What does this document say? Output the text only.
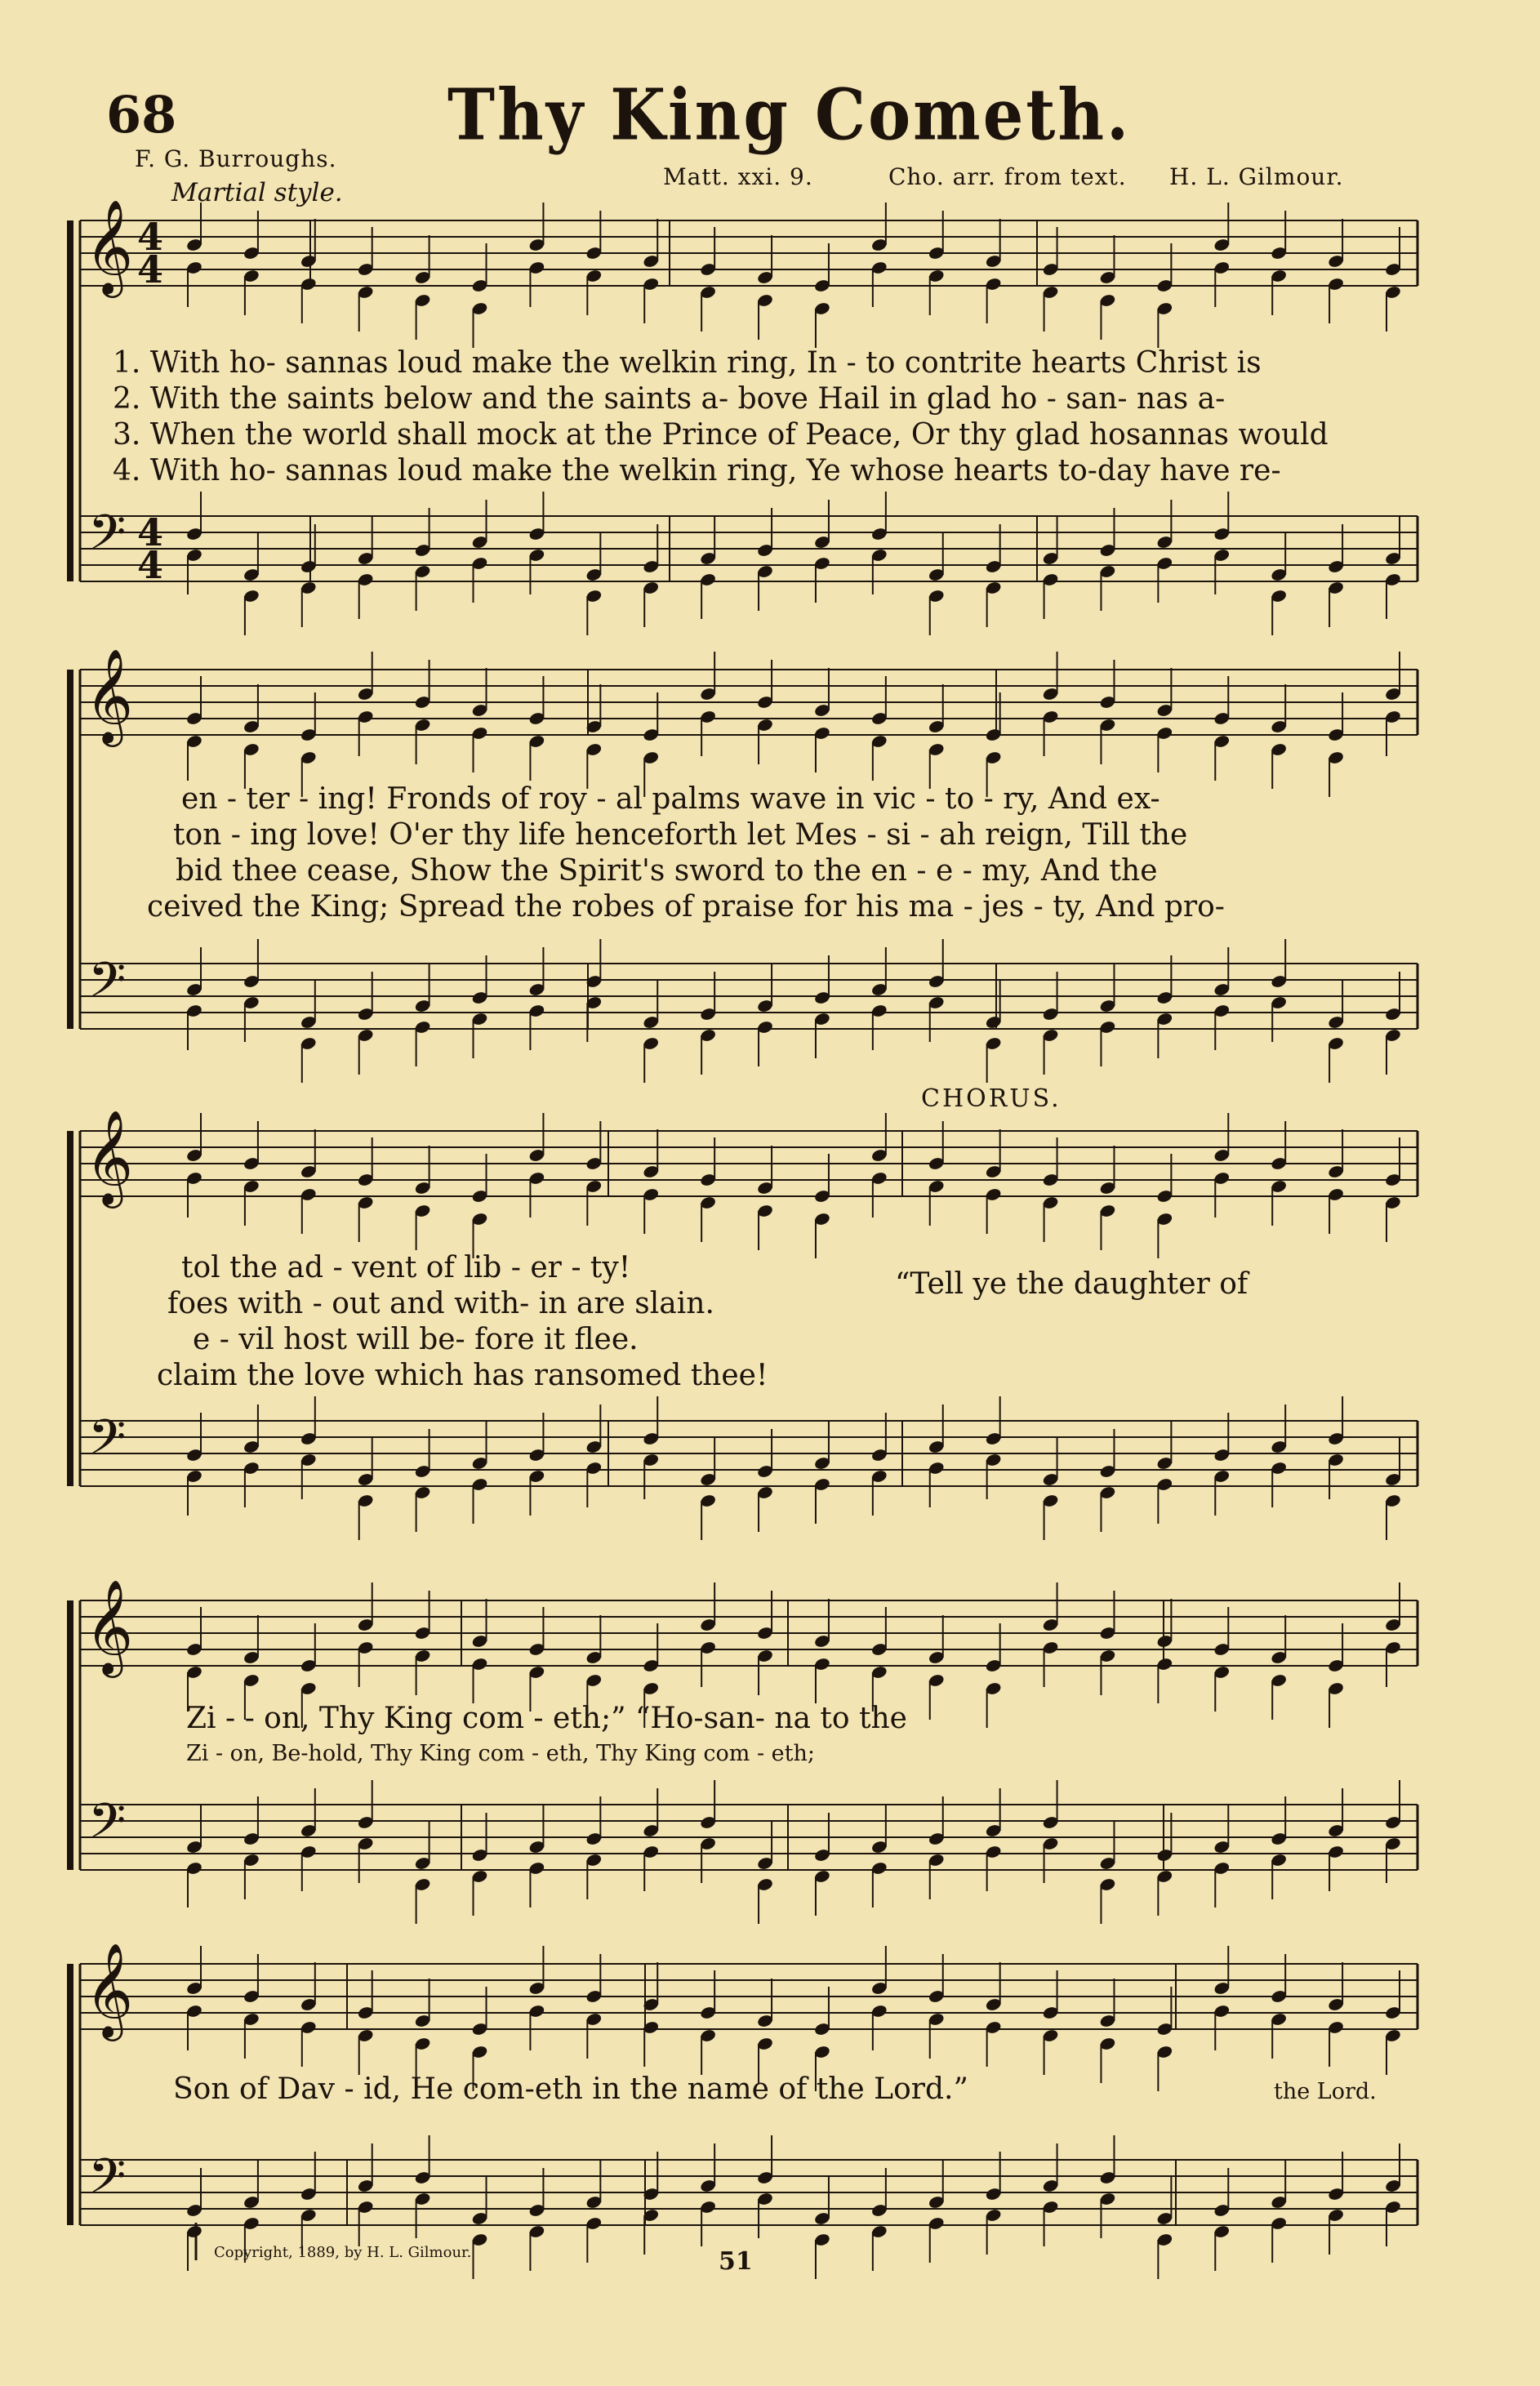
68	Thy King Cometh.
F. G. Burroughs.
Martial style.
Matt. xxi. 9.	Cho. arr. from text. H. L. Gilmour.
𝄞
𝄢
𝄞
𝄢
𝄞
𝄢
𝄞
𝄢
𝄞
𝄢
4
4
4
4
1. With ho- sannas loud make the welkin ring, In - to contrite hearts Christ is
2. With the saints below and the saints a- bove Hail in glad ho - san- nas a-
3. When the world shall mock at the Prince of Peace, Or thy glad hosannas would
4. With ho- sannas loud make the welkin ring, Ye whose hearts to-day have re-
en - ter - ing! Fronds of roy - al palms wave in vic - to - ry, And ex-
ton - ing love! O'er thy life henceforth let Mes - si - ah reign, Till the
bid thee cease, Show the Spirit's sword to the en - e - my, And the
ceived the King; Spread the robes of praise for his ma - jes - ty, And pro-
tol the ad - vent of lib - er - ty!
foes with - out and with- in are slain.
e - vil host will be- fore it flee.
claim the love which has ransomed thee!
CHORUS.
“Tell ye the daughter of
Zi - - on, Thy King com - eth;” “Ho-san- na to the
Zi - on, Be-hold, Thy King com - eth, Thy King com - eth;
Son of Dav - id, He com-eth in the name of the Lord.”	the Lord.
Copyright, 1889, by H. L. Gilmour.	51
